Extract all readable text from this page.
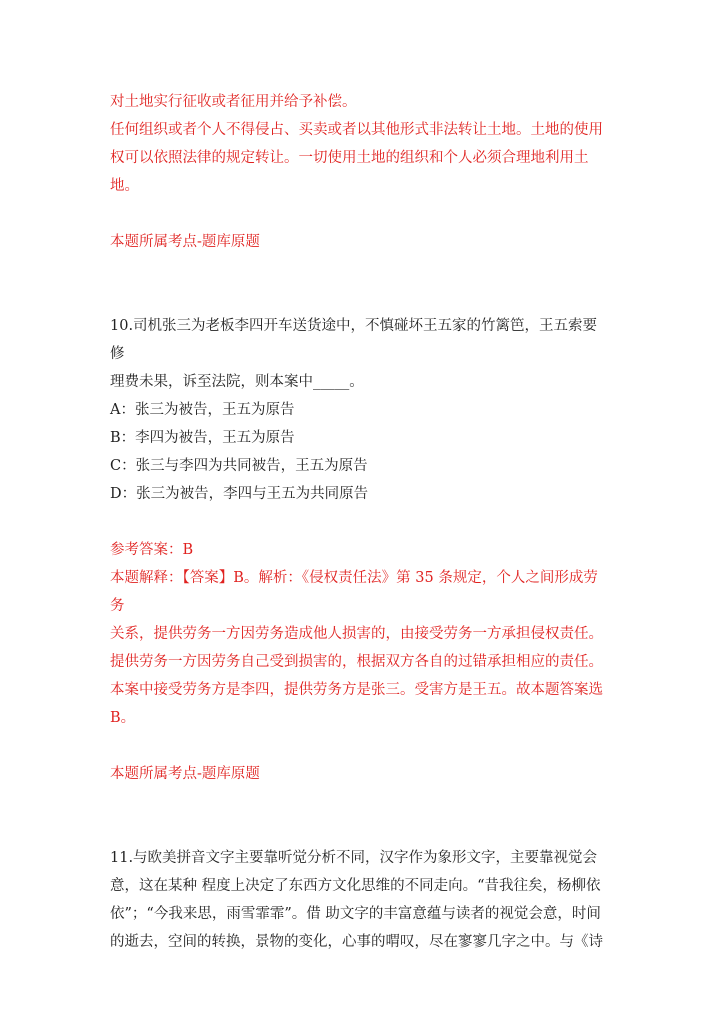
对土地实行征收或者征用并给予补偿。

任何组织或者个人不得侵占、买卖或者以其他形式非法转让土地。土地的使用

权可以依照法律的规定转让。一切使用土地的组织和个人必须合理地利用土

地。

本题所属考点-题库原题

10.司机张三为老板李四开车送货途中，不慎碰坏王五家的竹篱笆，王五索要修

理费未果，诉至法院，则本案中_____。

A：张三为被告，王五为原告

B：李四为被告，王五为原告

C：张三与李四为共同被告，王五为原告

D：张三为被告，李四与王五为共同原告

参考答案：B

本题解释：【答案】B。解析：《侵权责任法》第 35 条规定，个人之间形成劳务

关系，提供劳务一方因劳务造成他人损害的，由接受劳务一方承担侵权责任。

提供劳务一方因劳务自己受到损害的，根据双方各自的过错承担相应的责任。

本案中接受劳务方是李四，提供劳务方是张三。受害方是王五。故本题答案选

B。

本题所属考点-题库原题

11.与欧美拼音文字主要靠听觉分析不同，汉字作为象形文字，主要靠视觉会

意，这在某种 程度上决定了东西方文化思维的不同走向。“昔我往矣，杨柳依

依”；“今我来思，雨雪霏霏”。借 助文字的丰富意蕴与读者的视觉会意，时间

的逝去，空间的转换，景物的变化，心事的喟叹，尽在寥寥几字之中。与《诗
